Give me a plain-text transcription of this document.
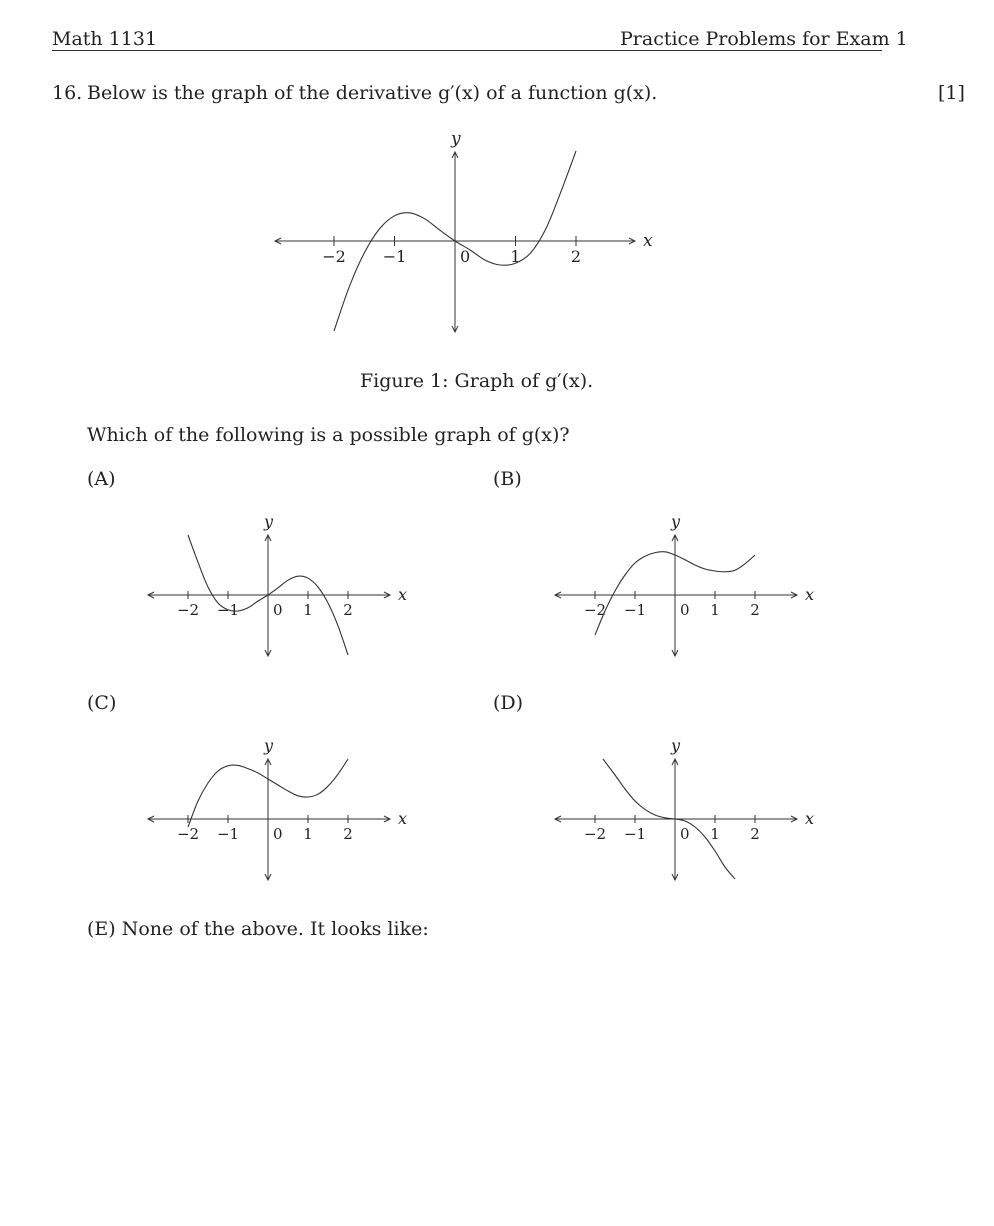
Math 1131	Practice Problems for Exam 1
16. Below is the graph of the derivative g′(x) of a function g(x).	[1]
x
y
−2 −1	0	1	2
Figure 1: Graph of g′(x).
Which of the following is a possible graph of g(x)?
(A)	(B)
(C)	(D)
x
y
−2 −1 0 1 2
x
y
−2 −1 0 1 2
x
y
−2 −1 0 1 2
x
y
−2 −1 0 1 2
(E) None of the above. It looks like:
